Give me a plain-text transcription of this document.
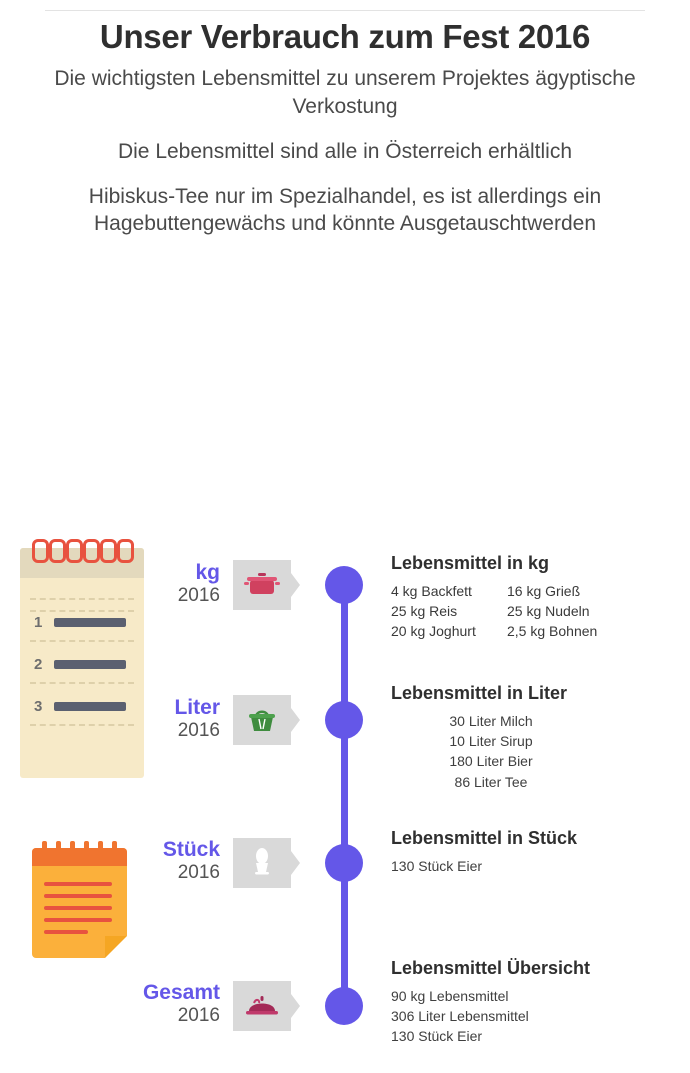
Unser Verbrauch zum Fest 2016
Die wichtigsten Lebensmittel zu unserem Projektes ägyptische Verkostung
Die Lebensmittel sind alle in Österreich erhältlich
Hibiskus-Tee nur im Spezialhandel, es ist allerdings ein Hagebuttengewächs und könnte Ausgetauschtwerden
1
2
3
kg
2016
Lebensmittel in kg
4 kg Backfett	16 kg Grieß
25 kg Reis	25 kg Nudeln
20 kg Joghurt	2,5 kg Bohnen
Liter
2016
Lebensmittel in Liter
30 Liter Milch
10 Liter Sirup
180 Liter Bier
86 Liter Tee
Stück
2016
Lebensmittel in Stück
130 Stück Eier
Gesamt
2016
Lebensmittel Übersicht
90 kg Lebensmittel
306 Liter Lebensmittel
130 Stück Eier
